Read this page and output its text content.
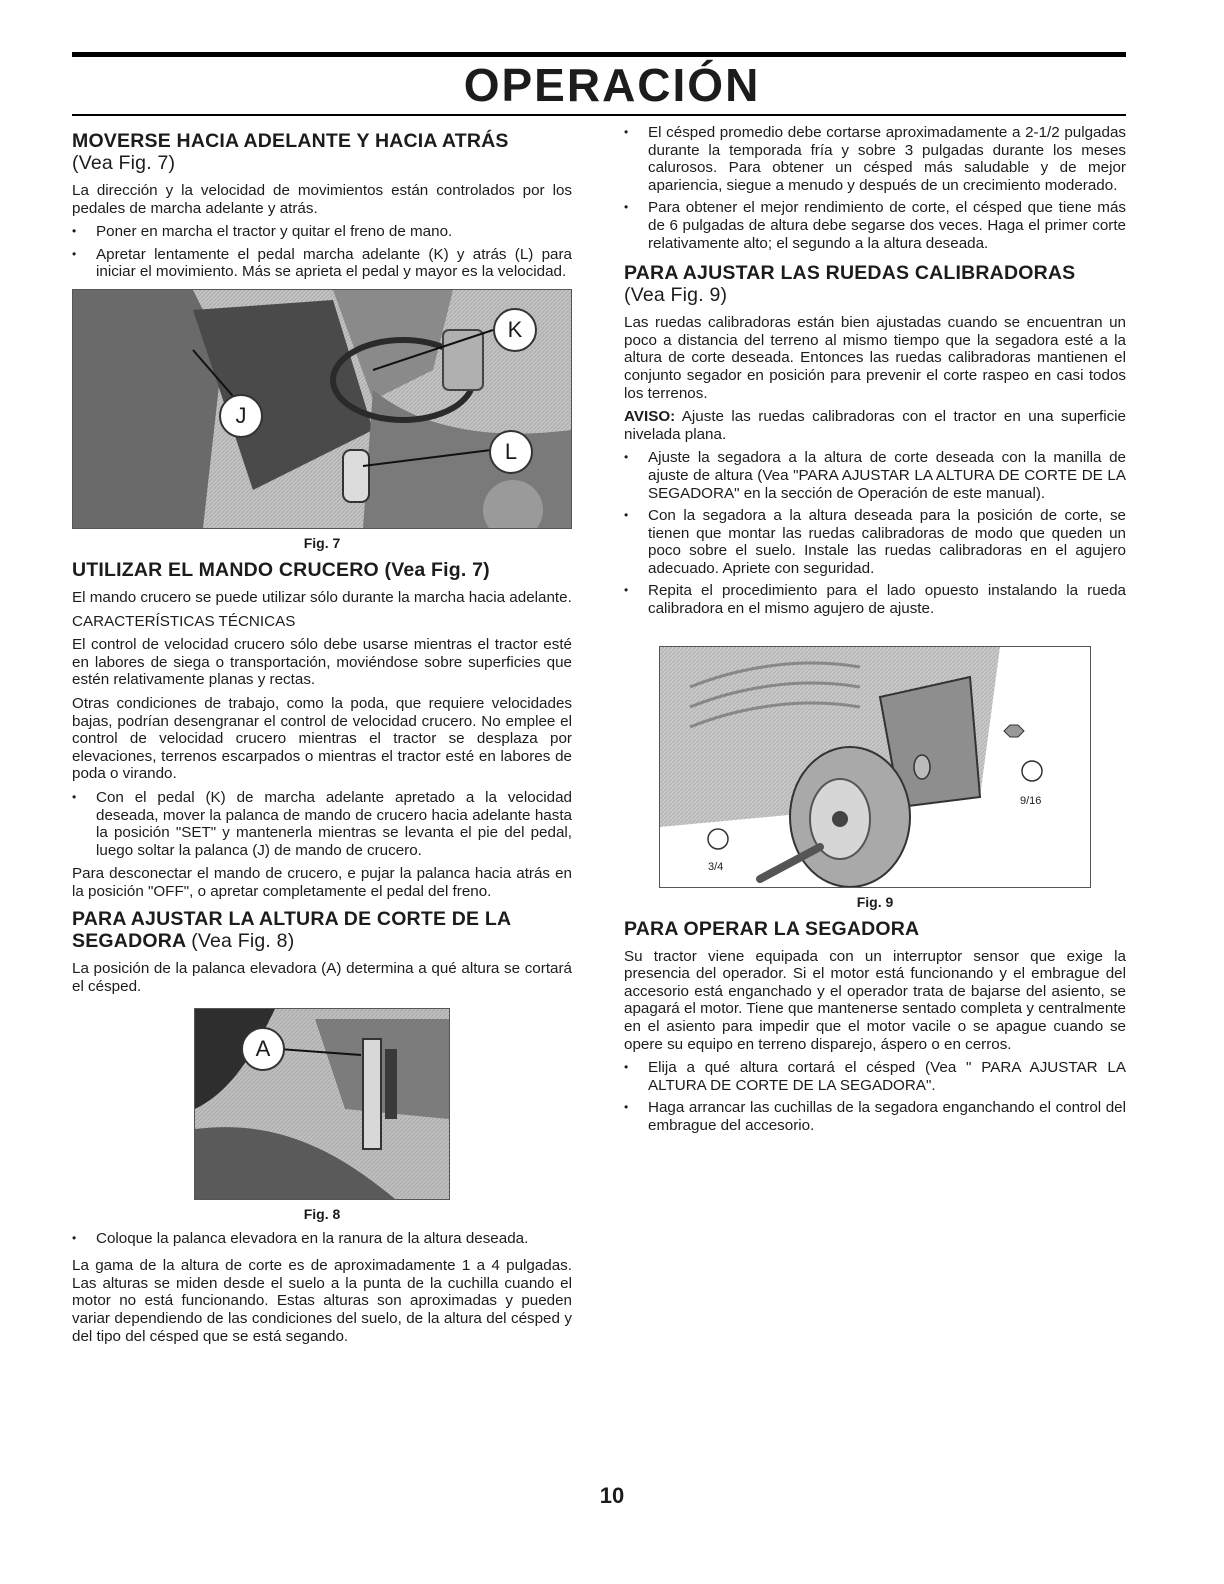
OPERACIÓN
MOVERSE HACIA ADELANTE Y HACIA ATRÁS
(Vea Fig. 7)

La dirección y la velocidad de movimientos están controlados por los pedales de marcha adelante y atrás.

• Poner en marcha el tractor y quitar el freno de mano.
• Apretar lentamente el pedal marcha adelante (K) y atrás (L) para iniciar el movimiento. Más se aprieta el pedal y mayor es la velocidad.
K
J
L
Fig. 7
UTILIZAR EL MANDO CRUCERO (Vea Fig. 7)

El mando crucero se puede utilizar sólo durante la marcha hacia adelante.

CARACTERÍSTICAS TÉCNICAS

El control de velocidad crucero sólo debe usarse mientras el tractor esté en labores de siega o transportación, moviéndose sobre superficies que estén relativamente planas y rectas.

Otras condiciones de trabajo, como la poda, que requiere velocidades bajas, podrían desengranar el control de velocidad crucero. No emplee el control de velocidad crucero mientras el tractor se desplaza por elevaciones, terrenos escarpados o mientras el tractor esté en labores de poda o virando.

• Con el pedal (K) de marcha adelante apretado a la velocidad deseada, mover la palanca de mando de crucero hacia adelante hasta la posición "SET" y mantenerla mientras se levanta el pie del pedal, luego soltar la palanca (J) de mando de crucero.

Para desconectar el mando de crucero, e pujar la palanca hacia atrás en la posición "OFF", o apretar completamente el pedal del freno.

PARA AJUSTAR LA ALTURA DE CORTE DE LA SEGADORA (Vea Fig. 8)

La posición de la palanca elevadora (A) determina a qué altura se cortará el césped.

A
Fig. 8
• Coloque la palanca elevadora en la ranura de la altura deseada.

La gama de la altura de corte es de aproximadamente 1 a 4 pulgadas. Las alturas se miden desde el suelo a la punta de la cuchilla cuando el motor no está funcionando. Estas alturas son aproximadas y pueden variar dependiendo de las condiciones del suelo, de la altura del césped y del tipo del césped que se está segando.

• El césped promedio debe cortarse aproximadamente a 2-1/2 pulgadas durante la temporada fría y sobre 3 pulgadas durante los meses calurosos. Para obtener un césped más saludable y de mejor apariencia, siegue a menudo y después de un crecimiento moderado.
• Para obtener el mejor rendimiento de corte, el césped que tiene más de 6 pulgadas de altura debe segarse dos veces. Haga el primer corte relativamente alto; el segundo a la altura deseada.
PARA AJUSTAR LAS RUEDAS CALIBRADORAS
(Vea Fig. 9)

Las ruedas calibradoras están bien ajustadas cuando se encuentran un poco a distancia del terreno al mismo tiempo que la segadora esté a la altura de corte deseada. Entonces las ruedas calibradoras mantienen el conjunto segador en posición para prevenir el corte raspeo en casi todos los terrenos.

AVISO: Ajuste las ruedas calibradoras con el tractor en una superficie nivelada plana.

• Ajuste la segadora a la altura de corte deseada con la manilla de ajuste de altura (Vea "PARA AJUSTAR LA ALTURA DE CORTE DE LA SEGADORA" en la sección de Operación de este manual).
• Con la segadora a la altura deseada para la posición de corte, se tienen que montar las ruedas calibradoras de modo que queden un poco sobre el suelo. Instale las ruedas calibradoras en el agujero adecuado. Apriete con seguridad.
• Repita el procedimiento para el lado opuesto instalando la rueda calibradora en el mismo agujero de ajuste.
9/16
3/4
Fig. 9
PARA OPERAR LA SEGADORA

Su tractor viene equipada con un interruptor sensor que exige la presencia del operador. Si el motor está funcionando y el embrague del accesorio está enganchado y el operador trata de bajarse del asiento, se apagará el motor. Tiene que mantenerse sentado completa y centralmente en el asiento para impedir que el motor vacile o se apague cuando se opere su equipo en terreno disparejo, áspero o en cerros.

• Elija a qué altura cortará el césped (Vea " PARA AJUSTAR LA ALTURA DE CORTE DE LA SEGADORA".
• Haga arrancar las cuchillas de la segadora enganchando el control del embrague del accesorio.
10
